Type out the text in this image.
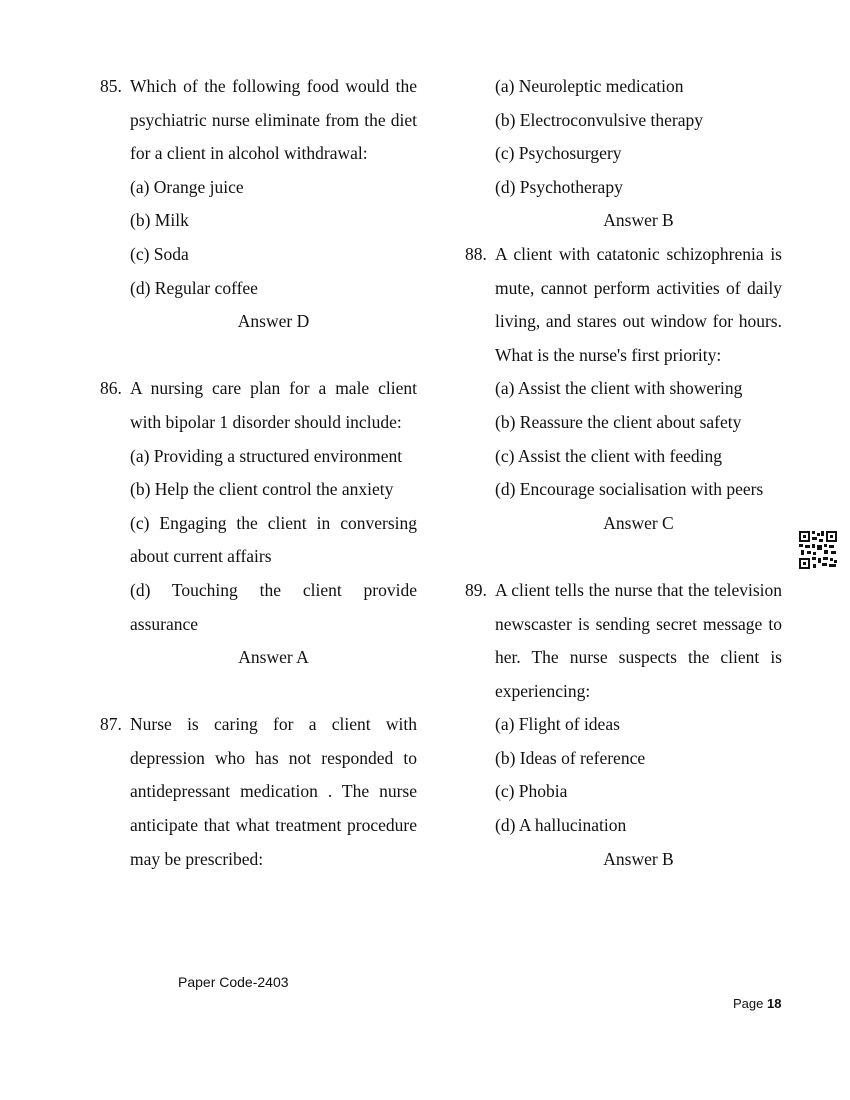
85. Which of the following food would the psychiatric nurse eliminate from the diet for a client in alcohol withdrawal:
(a) Orange juice
(b) Milk
(c) Soda
(d) Regular coffee
Answer D
86. A nursing care plan for a male client with bipolar 1 disorder should include:
(a) Providing a structured environment
(b) Help the client control the anxiety
(c) Engaging the client in conversing about current affairs
(d) Touching the client provide assurance
Answer A
87. Nurse is caring for a client with depression who has not responded to antidepressant medication . The nurse anticipate that what treatment procedure may be prescribed:
(a) Neuroleptic medication
(b) Electroconvulsive therapy
(c) Psychosurgery
(d) Psychotherapy
Answer B
88. A client with catatonic schizophrenia is mute, cannot perform activities of daily living, and stares out window for hours. What is the nurse's first priority:
(a) Assist the client with showering
(b) Reassure the client about safety
(c) Assist the client with feeding
(d) Encourage socialisation with peers
Answer C
89. A client tells the nurse that the television newscaster is sending secret message to her. The nurse suspects the client is experiencing:
(a) Flight of ideas
(b) Ideas of reference
(c) Phobia
(d) A hallucination
Answer B
Paper Code-2403
Page 18
